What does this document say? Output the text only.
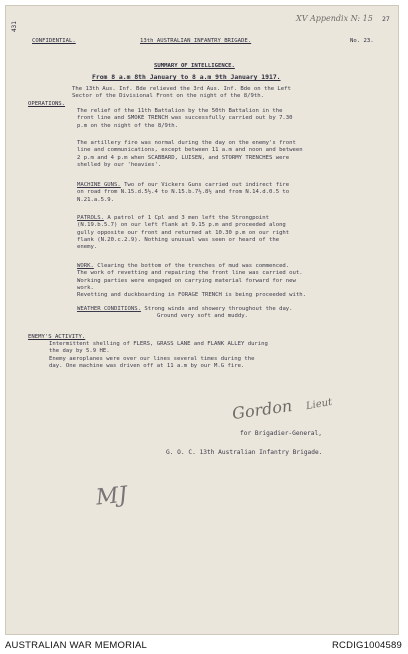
431
XV Appendix N: 15 27
CONFIDENTIAL.	13th AUSTRALIAN INFANTRY BRIGADE.	No. 23.
SUMMARY OF INTELLIGENCE.
From 8 a.m 8th January to 8 a.m 9th January 1917.
The 13th Aus. Inf. Bde relieved the 3rd Aus. Inf. Bde on the Left
Sector of the Divisional Front on the night of the 8/9th.
OPERATIONS.
The relief of the 11th Battalion by the 50th Battalion in the
front line and SMOKE TRENCH was successfully carried out by 7.30
p.m on the night of the 8/9th.
The artillery fire was normal during the day on the enemy's front
line and communications, except between 11 a.m and noon and between
2 p.m and 4 p.m when SCABBARD, LUISEN, and STORMY TRENCHES were
shelled by our 'heavies'.
MACHINE GUNS. Two of our Vickers Guns carried out indirect fire
on road from N.15.d.5½.4 to N.15.b.7½.8½ and from N.14.d.0.5 to
N.21.a.5.9.
PATROLS. A patrol of 1 Cpl and 3 men left the Strongpoint
(N.19.b.5.7) on our left flank at 9.15 p.m and proceeded along
gully opposite our front and returned at 10.30 p.m on our right
flank (N.20.c.2.9). Nothing unusual was seen or heard of the
enemy.
WORK. Clearing the bottom of the trenches of mud was commenced.
The work of revetting and repairing the front line was carried out.
Working parties were engaged on carrying material forward for new
work.
Revetting and duckboarding in FORAGE TRENCH is being proceeded with.
WEATHER CONDITIONS. Strong winds and showery throughout the day.
Ground very soft and muddy.
ENEMY'S ACTIVITY.
Intermittent shelling of FLERS, GRASS LANE and FLANK ALLEY during
the day by 5.9 HE.
Enemy aeroplanes were over our lines several times during the
day. One machine was driven off at 11 a.m by our M.G fire.
Gordon Lieut
for Brigadier-General,
G. O. C. 13th Australian Infantry Brigade.
MJ
AUSTRALIAN WAR MEMORIAL	RCDIG1004589
